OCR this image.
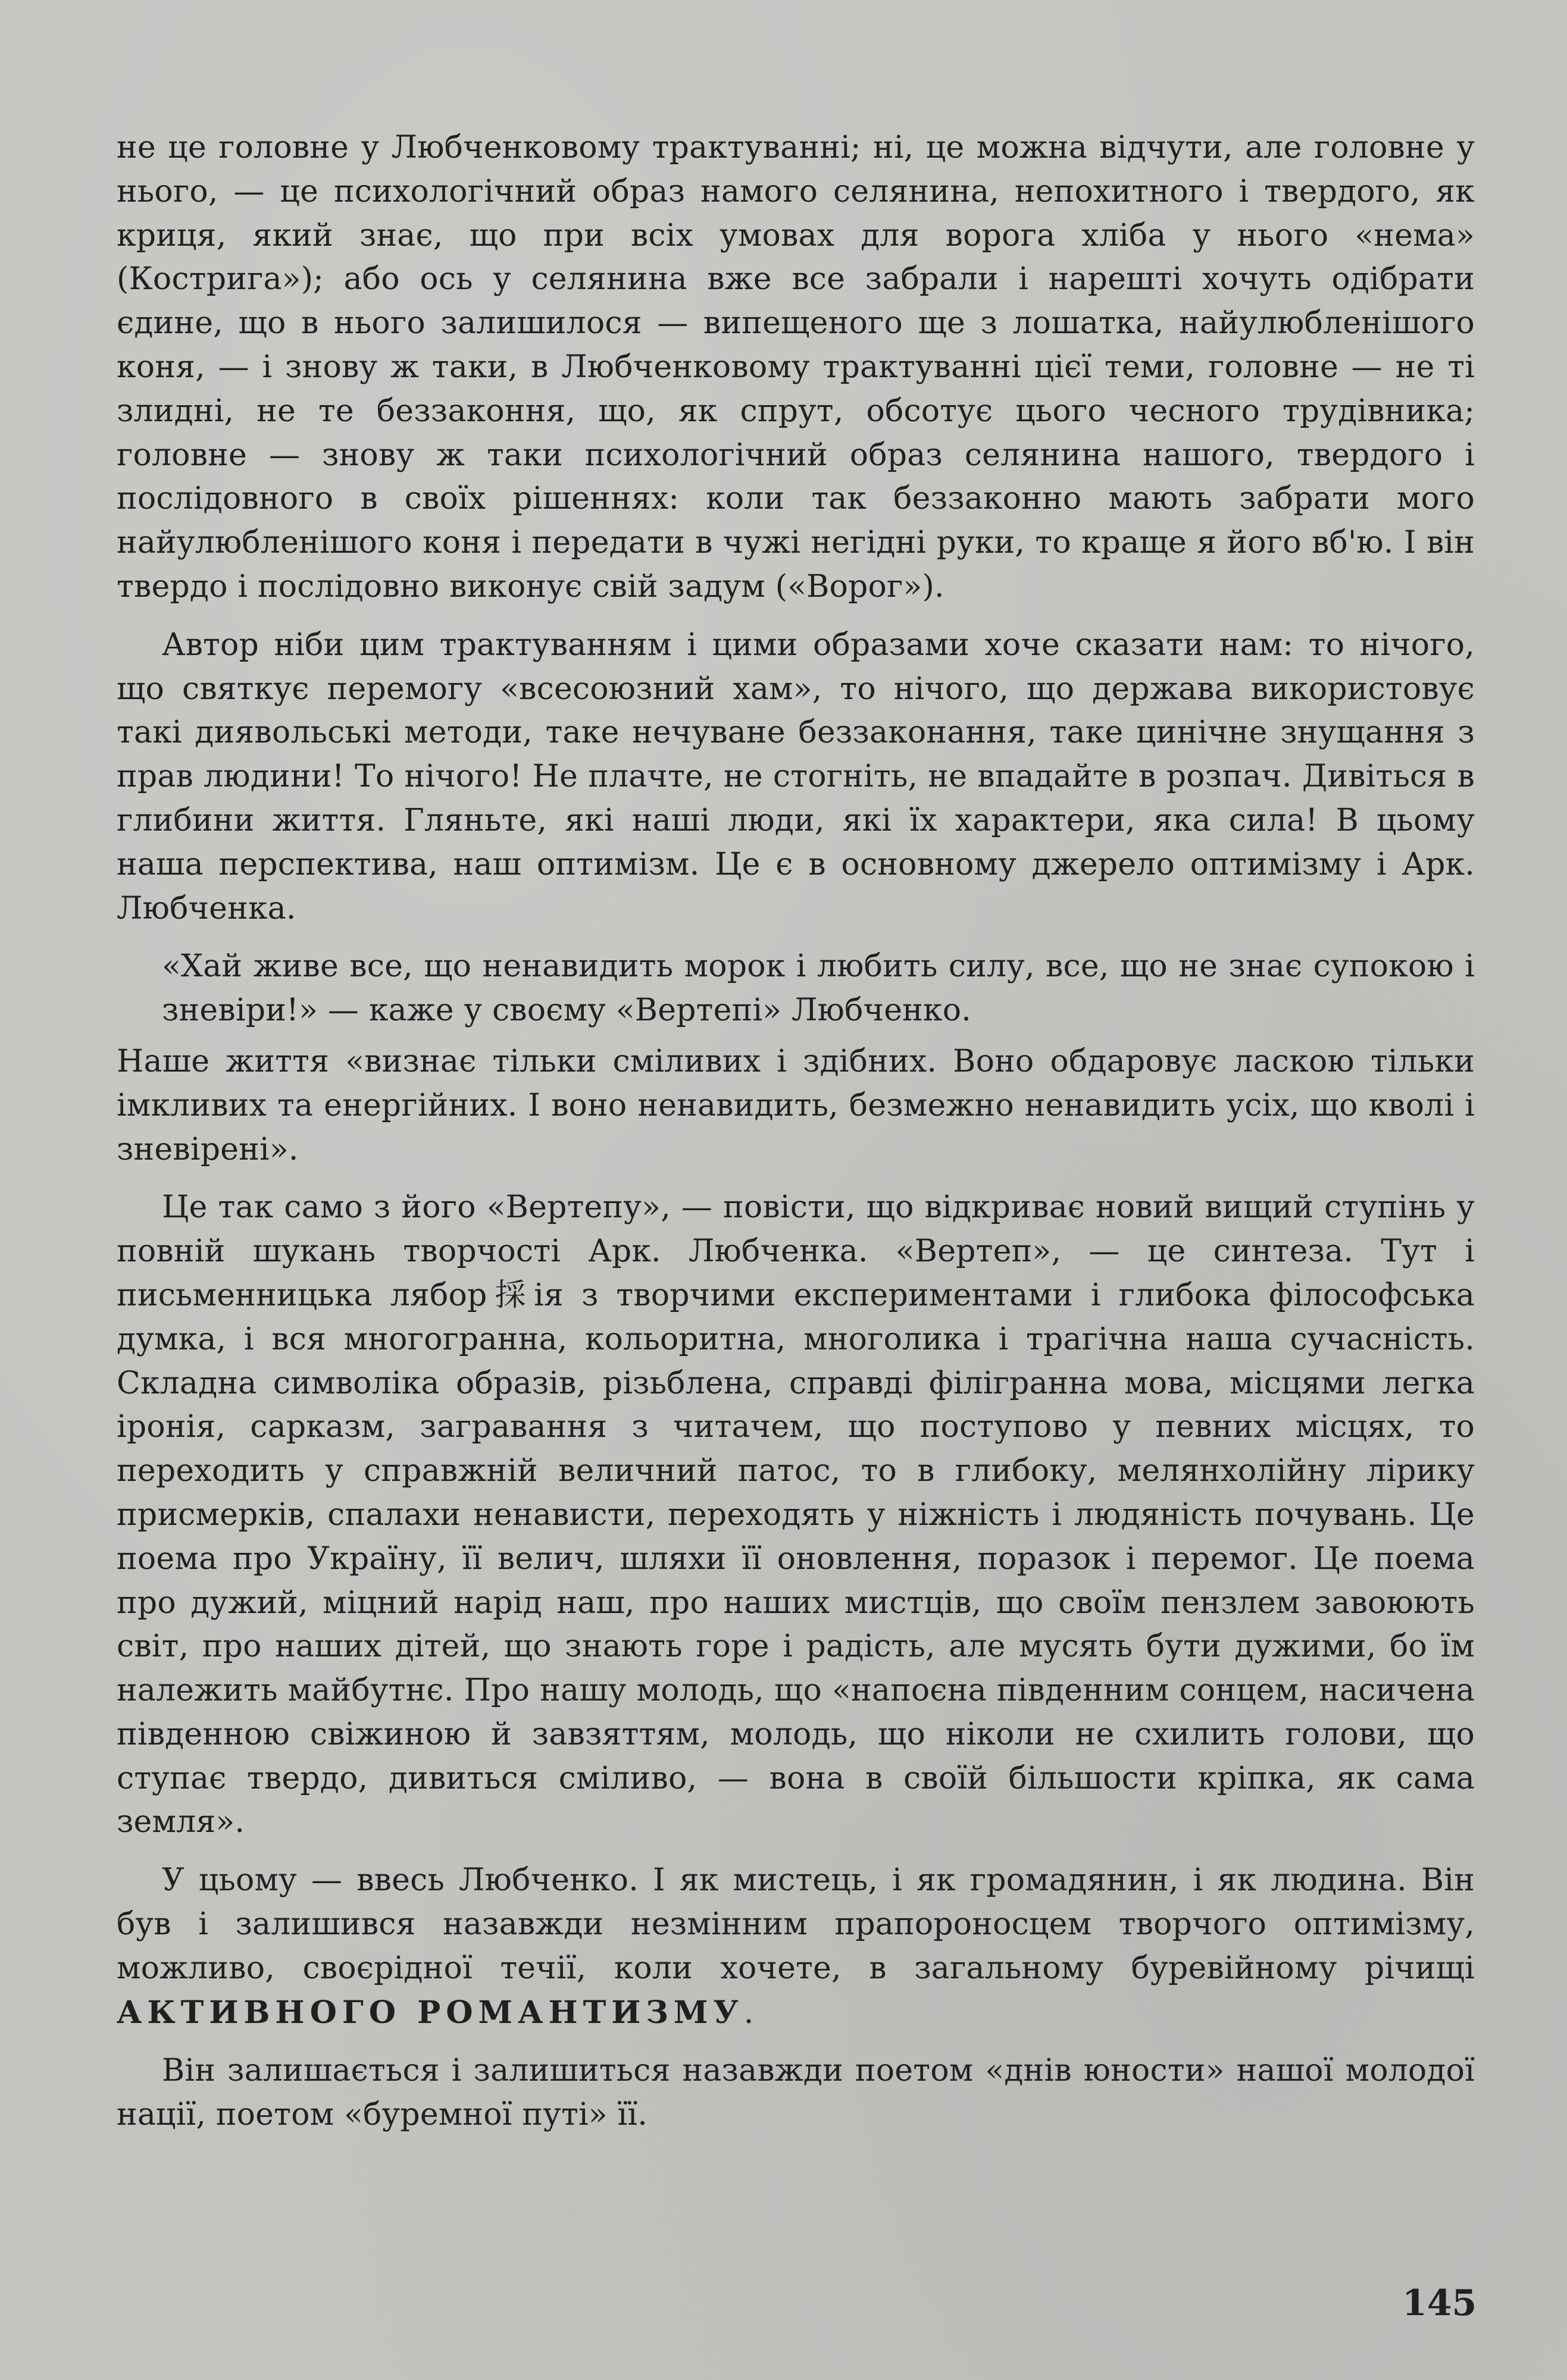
не це головне у Любченковому трактуванні; ні, це можна відчути, але головне у нього, — це психологічний образ намого селянина, непохитного і твердого, як криця, який знає, що при всіх умовах для ворога хліба у нього «нема» (Кострига»); або ось у селянина вже все забрали і нарешті хочуть одібрати єдине, що в нього залишилося — випещеного ще з лошатка, найулюбленішого коня, — і знову ж таки, в Любченковому трактуванні цієї теми, головне — не ті злидні, не те беззаконня, що, як спрут, обсотує цього чесного трудівника; головне — знову ж таки психологічний образ селянина нашого, твердого і послідовного в своїх рішеннях: коли так беззаконно мають забрати мого найулюбленішого коня і передати в чужі негідні руки, то краще я його вб'ю. І він твердо і послідовно виконує свій задум («Ворог»).

Автор ніби цим трактуванням і цими образами хоче сказати нам: то нічого, що святкує перемогу «всесоюзний хам», то нічого, що держава використовує такі диявольські методи, таке нечуване беззаконання, таке цинічне знущання з прав людини! То нічого! Не плачте, не стогніть, не впадайте в розпач. Дивіться в глибини життя. Гляньте, які наші люди, які їх характери, яка сила! В цьому наша перспектива, наш оптимізм. Це є в основному джерело оптимізму і Арк. Любченка.

«Хай живе все, що ненавидить морок і любить силу, все, що не знає супокою і зневіри!» — каже у своєму «Вертепі» Любченко.

Наше життя «визнає тільки сміливих і здібних. Воно обдаровує ласкою тільки імкливих та енергійних. І воно ненавидить, безмежно ненавидить усіх, що кволі і зневірені».

Це так само з його «Вертепу», — повісти, що відкриває новий вищий ступінь у повній шукань творчості Арк. Любченка. «Вертеп», — це синтеза. Тут і письменницька лябор採ія з творчими експериментами і глибока філософська думка, і вся многогранна, кольоритна, многолика і трагічна наша сучасність. Складна символіка образів, різьблена, справді філігранна мова, місцями легка іронія, сарказм, загравання з читачем, що поступово у певних місцях, то переходить у справжній величний патос, то в глибоку, мелянхолійну лірику присмерків, спалахи ненависти, переходять у ніжність і людяність почувань. Це поема про Україну, її велич, шляхи її оновлення, поразок і перемог. Це поема про дужий, міцний нарід наш, про наших мистців, що своїм пензлем завоюють світ, про наших дітей, що знають горе і радість, але мусять бути дужими, бо їм належить майбутнє. Про нашу молодь, що «напоєна південним сонцем, насичена південною свіжиною й завзяттям, молодь, що ніколи не схилить голови, що ступає твердо, дивиться сміливо, — вона в своїй більшости кріпка, як сама земля».

У цьому — ввесь Любченко. І як мистець, і як громадянин, і як людина. Він був і залишився назавжди незмінним прапороносцем творчого оптимізму, можливо, своєрідної течії, коли хочете, в загальному буревійному річищі АКТИВНОГО РОМАНТИЗМУ.

Він залишається і залишиться назавжди поетом «днів юности» нашої молодої нації, поетом «буремної путі» її.

145
